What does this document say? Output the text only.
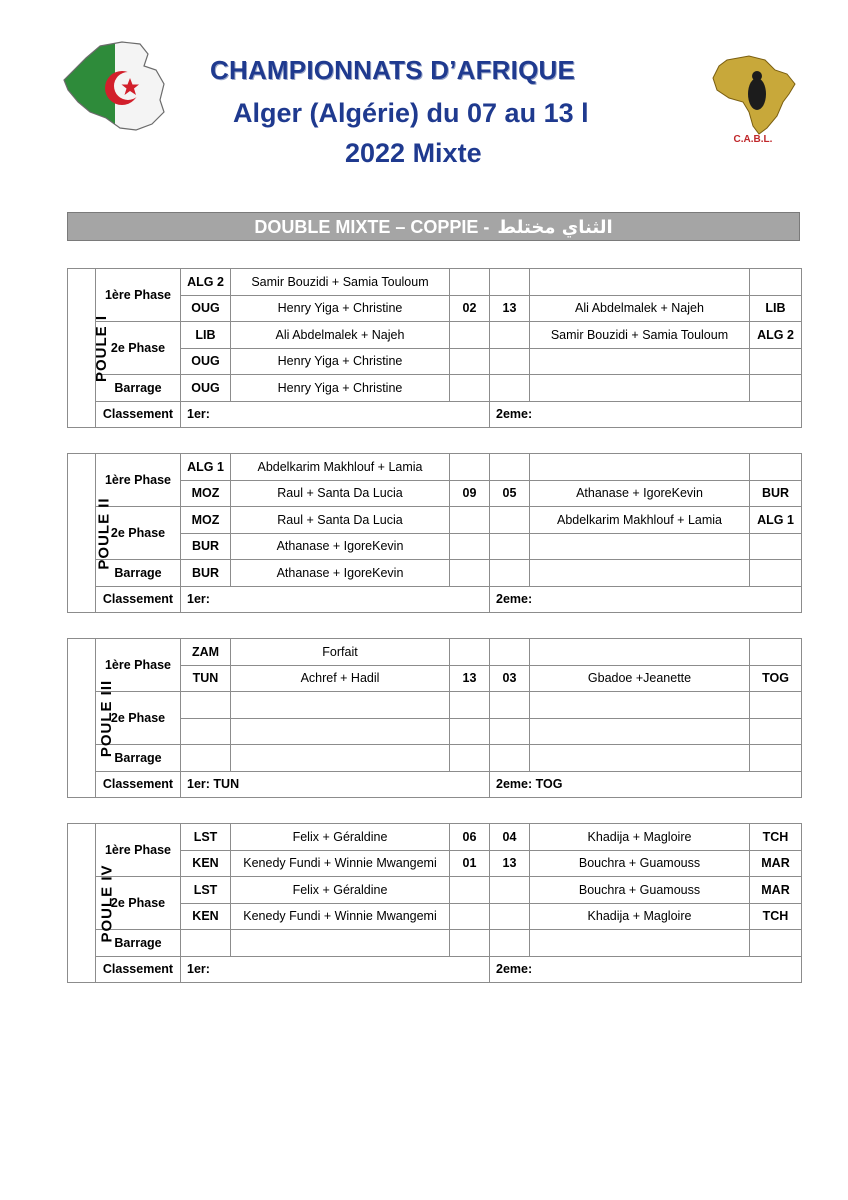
CHAMPIONNATS D’AFRIQUE
Alger (Algérie) du 07 au 13 l
2022 Mixte	C.A.B.L.
DOUBLE MIXTE – COPPIE - الثناي مختلط
POULE I	1ère Phase	ALG 2	Samir Bouzidi + Samia Touloum				
		OUG	Henry Yiga + Christine	02	13	Ali Abdelmalek + Najeh	LIB
	2e Phase	LIB	Ali Abdelmalek + Najeh			Samir Bouzidi + Samia Touloum	ALG 2
		OUG	Henry Yiga + Christine				
	Barrage	OUG	Henry Yiga + Christine				
	Classement	1er:			2eme:		
POULE II	1ère Phase	ALG 1	Abdelkarim Makhlouf + Lamia				
		MOZ	Raul + Santa Da Lucia	09	05	Athanase + IgoreKevin	BUR
	2e Phase	MOZ	Raul + Santa Da Lucia			Abdelkarim Makhlouf + Lamia	ALG 1
		BUR	Athanase + IgoreKevin				
	Barrage	BUR	Athanase + IgoreKevin				
	Classement	1er:			2eme:		
POULE III	1ère Phase	ZAM	Forfait				
		TUN	Achref + Hadil	13	03	Gbadoe +Jeanette	TOG
	2e Phase						

	Barrage						
	Classement	1er: TUN			2eme: TOG		
POULE IV	1ère Phase	LST	Felix + Géraldine	06	04	Khadija + Magloire	TCH
		KEN	Kenedy Fundi + Winnie Mwangemi	01	13	Bouchra + Guamouss	MAR
	2e Phase	LST	Felix + Géraldine			Bouchra + Guamouss	MAR
		KEN	Kenedy Fundi + Winnie Mwangemi			Khadija + Magloire	TCH
	Barrage						
	Classement	1er:			2eme:		
